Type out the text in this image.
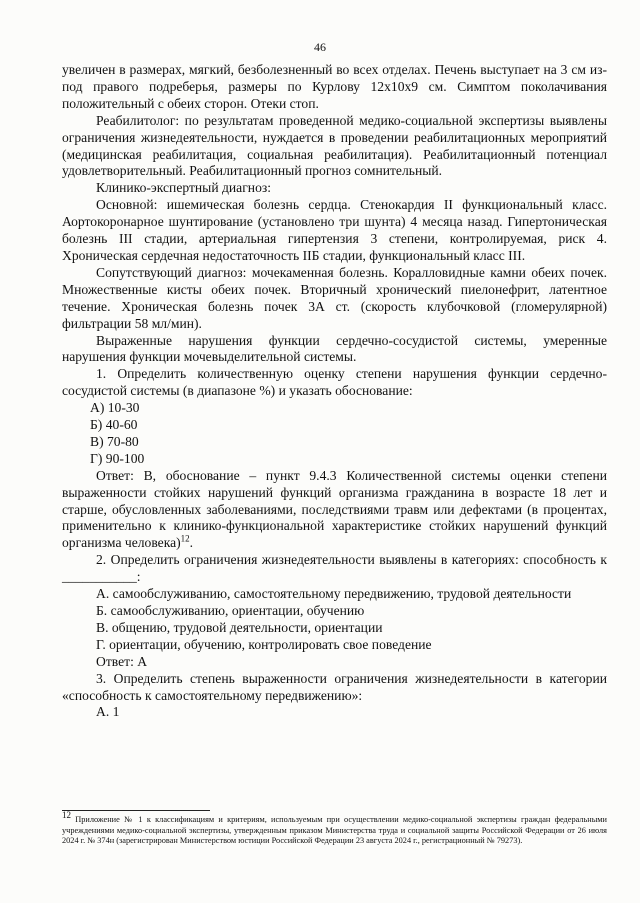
46

увеличен в размерах, мягкий, безболезненный во всех отделах. Печень выступает на 3 см из-под правого подреберья, размеры по Курлову 12х10х9 см. Симптом поколачивания положительный с обеих сторон. Отеки стоп.

Реабилитолог: по результатам проведенной медико-социальной экспертизы выявлены ограничения жизнедеятельности, нуждается в проведении реабилитационных мероприятий (медицинская реабилитация, социальная реабилитация). Реабилитационный потенциал удовлетворительный. Реабилитационный прогноз сомнительный.

Клинико-экспертный диагноз:

Основной: ишемическая болезнь сердца. Стенокардия II функциональный класс. Аортокоронарное шунтирование (установлено три шунта) 4 месяца назад. Гипертоническая болезнь III стадии, артериальная гипертензия 3 степени, контролируемая, риск 4. Хроническая сердечная недостаточность IIБ стадии, функциональный класс III.

Сопутствующий диагноз: мочекаменная болезнь. Коралловидные камни обеих почек. Множественные кисты обеих почек. Вторичный хронический пиелонефрит, латентное течение. Хроническая болезнь почек 3А ст. (скорость клубочковой (гломерулярной) фильтрации 58 мл/мин).

Выраженные нарушения функции сердечно-сосудистой системы, умеренные нарушения функции мочевыделительной системы.

1. Определить количественную оценку степени нарушения функции сердечно-сосудистой системы (в диапазоне %) и указать обоснование:

А) 10-30

Б) 40-60

В) 70-80

Г) 90-100

Ответ: В, обоснование – пункт 9.4.3 Количественной системы оценки степени выраженности стойких нарушений функций организма гражданина в возрасте 18 лет и старше, обусловленных заболеваниями, последствиями травм или дефектами (в процентах, применительно к клинико-функциональной характеристике стойких нарушений функций организма человека)$^{12}$.

2. Определить ограничения жизнедеятельности выявлены в категориях: способность к ___________:

А. самообслуживанию, самостоятельному передвижению, трудовой деятельности

Б. самообслуживанию, ориентации, обучению

В. общению, трудовой деятельности, ориентации

Г. ориентации, обучению, контролировать свое поведение

Ответ: А

3. Определить степень выраженности ограничения жизнедеятельности в категории «способность к самостоятельному передвижению»:

А. 1

$^{12}$ Приложение № 1 к классификациям и критериям, используемым при осуществлении медико-социальной экспертизы граждан федеральными учреждениями медико-социальной экспертизы, утвержденным приказом Министерства труда и социальной защиты Российской Федерации от 26 июля 2024 г. № 374н (зарегистрирован Министерством юстиции Российской Федерации 23 августа 2024 г., регистрационный № 79273).
